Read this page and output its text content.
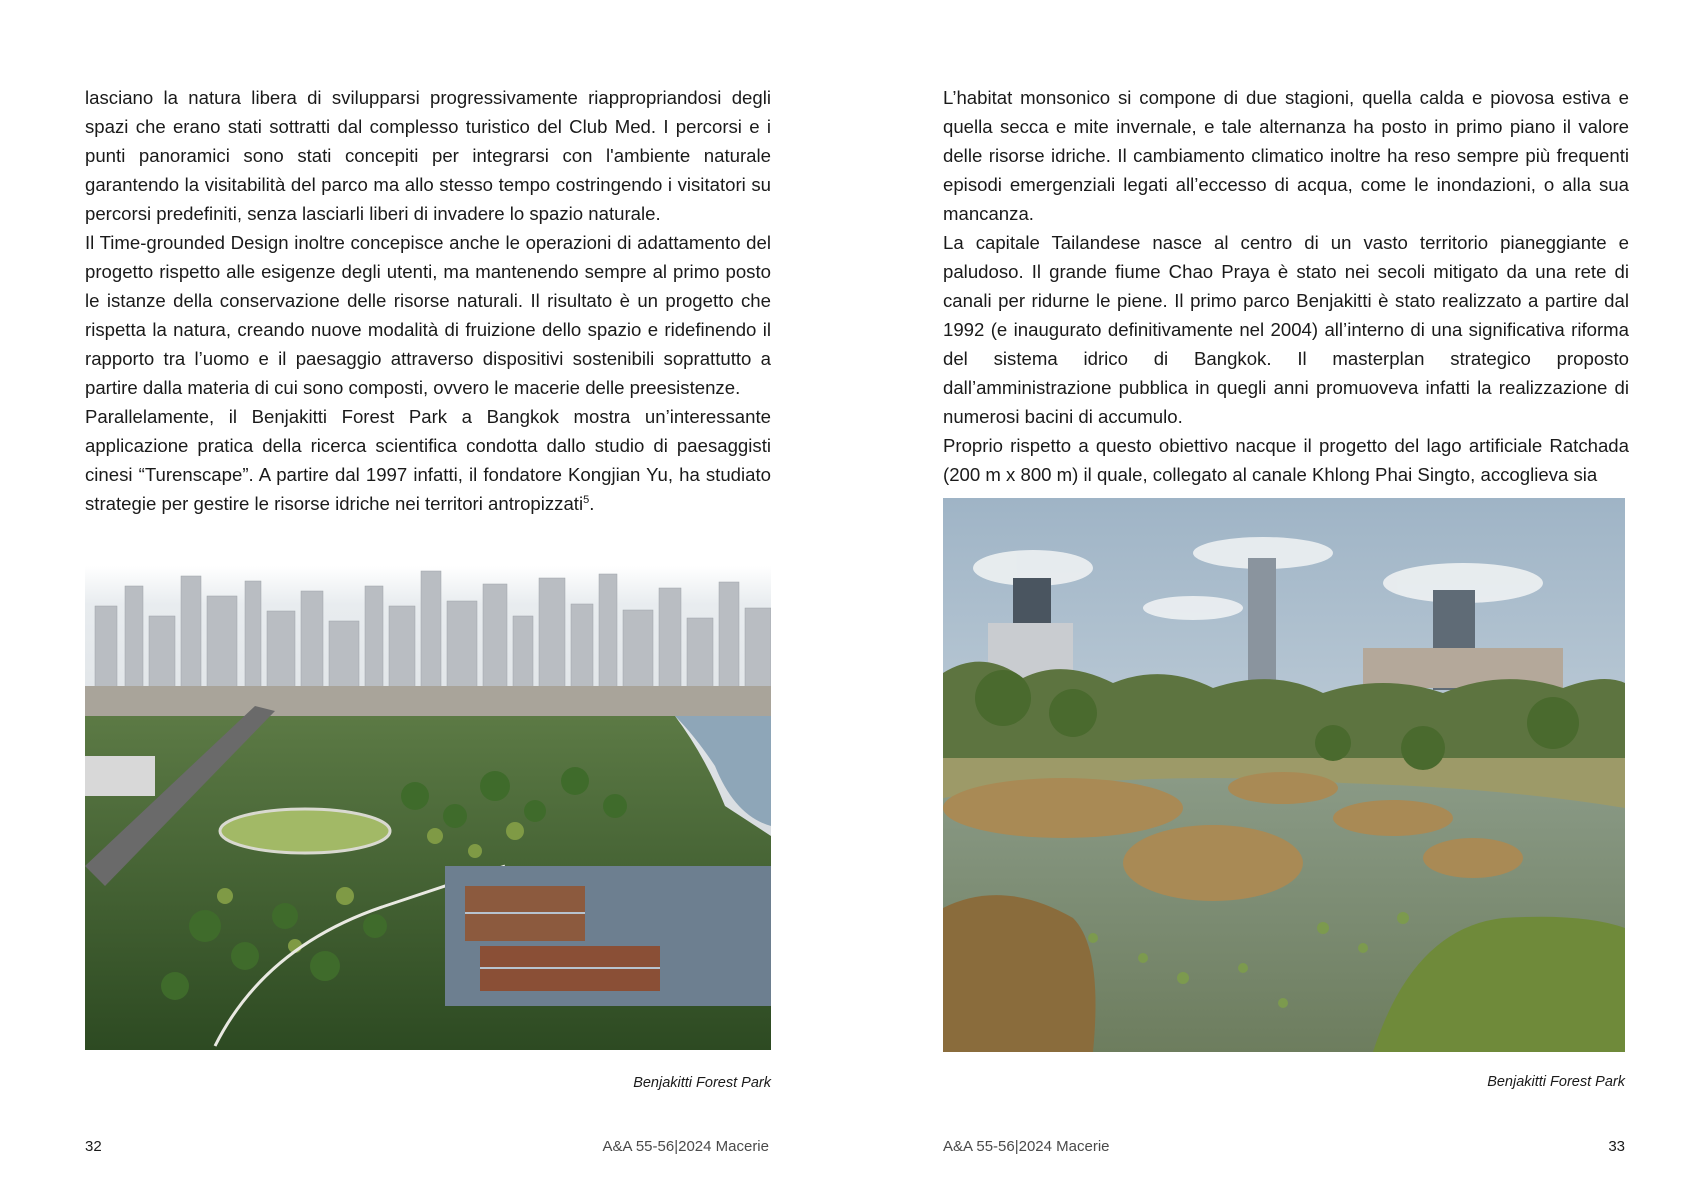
lasciano la natura libera di svilupparsi progressivamente riappropriandosi degli spazi che erano stati sottratti dal complesso turistico del Club Med. I percorsi e i punti panoramici sono stati concepiti per integrarsi con l'ambiente naturale garantendo la visitabilità del parco ma allo stesso tempo costringendo i visitatori su percorsi predefiniti, senza lasciarli liberi di invadere lo spazio naturale.

Il Time-grounded Design inoltre concepisce anche le operazioni di adattamento del progetto rispetto alle esigenze degli utenti, ma mantenendo sempre al primo posto le istanze della conservazione delle risorse naturali. Il risultato è un progetto che rispetta la natura, creando nuove modalità di fruizione dello spazio e ridefinendo il rapporto tra l’uomo e il paesaggio attraverso dispositivi sostenibili soprattutto a partire dalla materia di cui sono composti, ovvero le macerie delle preesistenze.

Parallelamente, il Benjakitti Forest Park a Bangkok mostra un’interessante applicazione pratica della ricerca scientifica condotta dallo studio di paesaggisti cinesi “Turenscape”. A partire dal 1997 infatti, il fondatore Kongjian Yu, ha studiato strategie per gestire le risorse idriche nei territori antropizzati$^5$.

Benjakitti Forest Park
32	A&A 55-56|2024 Macerie

L’habitat monsonico si compone di due stagioni, quella calda e piovosa estiva e quella secca e mite invernale, e tale alternanza ha posto in primo piano il valore delle risorse idriche. Il cambiamento climatico inoltre ha reso sempre più frequenti episodi emergenziali legati all’eccesso di acqua, come le inondazioni, o alla sua mancanza.

La capitale Tailandese nasce al centro di un vasto territorio pianeggiante e paludoso. Il grande fiume Chao Praya è stato nei secoli mitigato da una rete di canali per ridurne le piene. Il primo parco Benjakitti è stato realizzato a partire dal 1992 (e inaugurato definitivamente nel 2004) all’interno di una significativa riforma del sistema idrico di Bangkok. Il masterplan strategico proposto dall’amministrazione pubblica in quegli anni promuoveva infatti la realizzazione di numerosi bacini di accumulo.

Proprio rispetto a questo obiettivo nacque il progetto del lago artificiale Ratchada (200 m x 800 m) il quale, collegato al canale Khlong Phai Singto, accoglieva sia

Benjakitti Forest Park
A&A 55-56|2024 Macerie	33
